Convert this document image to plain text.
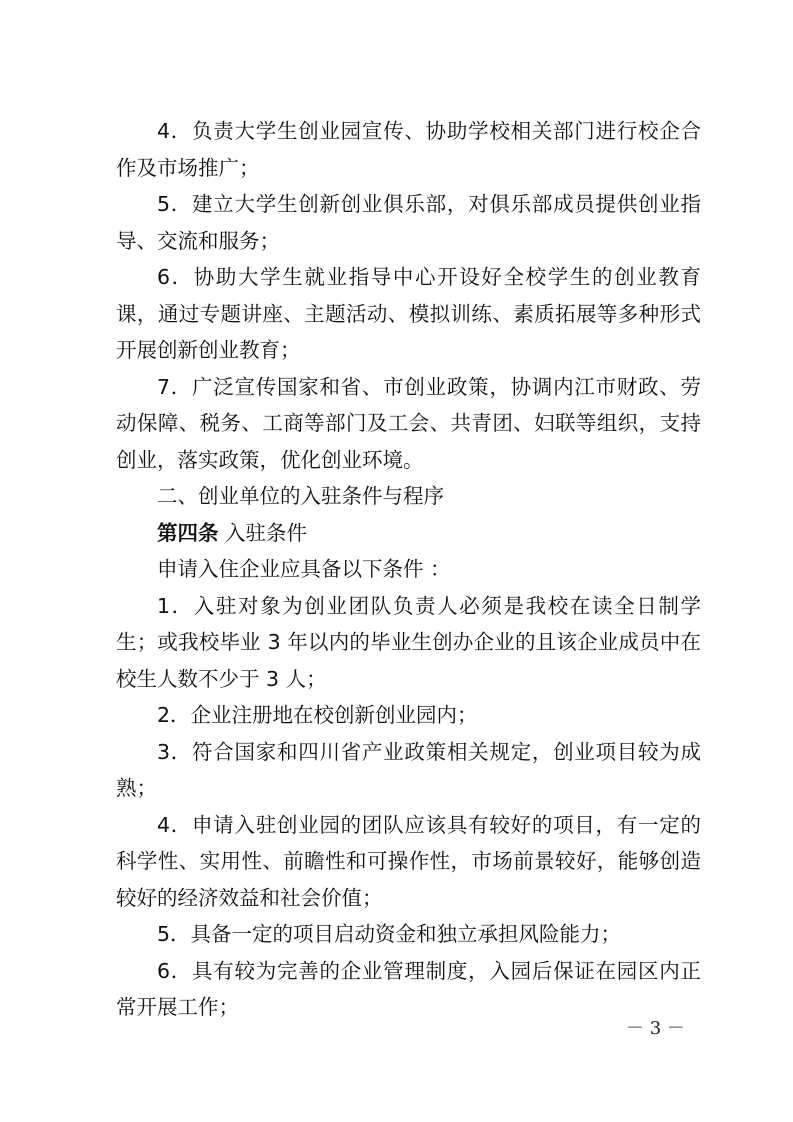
4．负责大学生创业园宣传、协助学校相关部门进行校企合作及市场推广；

5．建立大学生创新创业俱乐部，对俱乐部成员提供创业指导、交流和服务；

6．协助大学生就业指导中心开设好全校学生的创业教育课，通过专题讲座、主题活动、模拟训练、素质拓展等多种形式开展创新创业教育；

7．广泛宣传国家和省、市创业政策，协调内江市财政、劳动保障、税务、工商等部门及工会、共青团、妇联等组织，支持创业，落实政策，优化创业环境。

二、创业单位的入驻条件与程序

第四条 入驻条件

申请入住企业应具备以下条件 ：

1．入驻对象为创业团队负责人必须是我校在读全日制学生；或我校毕业 3 年以内的毕业生创办企业的且该企业成员中在校生人数不少于 3 人；

2．企业注册地在校创新创业园内；

3．符合国家和四川省产业政策相关规定，创业项目较为成熟；

4．申请入驻创业园的团队应该具有较好的项目，有一定的科学性、实用性、前瞻性和可操作性，市场前景较好，能够创造较好的经济效益和社会价值；

5．具备一定的项目启动资金和独立承担风险能力；

6．具有较为完善的企业管理制度，入园后保证在园区内正常开展工作；

－ 3 －
